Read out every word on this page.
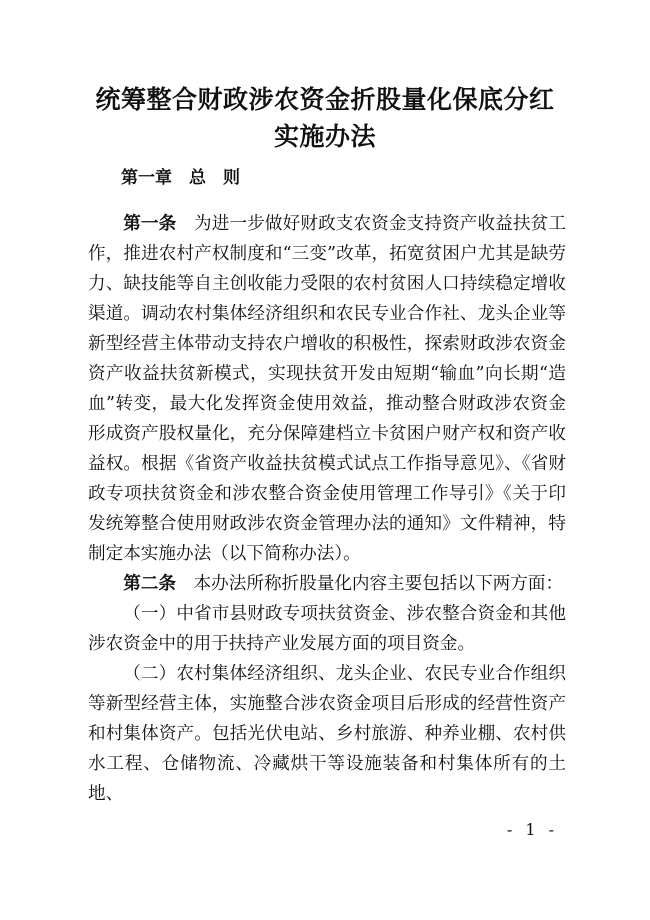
统筹整合财政涉农资金折股量化保底分红
实施办法
第一章　总　则

第一条　为进一步做好财政支农资金支持资产收益扶贫工作，推进农村产权制度和“三变”改革，拓宽贫困户尤其是缺劳力、缺技能等自主创收能力受限的农村贫困人口持续稳定增收渠道。调动农村集体经济组织和农民专业合作社、龙头企业等新型经营主体带动支持农户增收的积极性，探索财政涉农资金资产收益扶贫新模式，实现扶贫开发由短期“输血”向长期“造血”转变，最大化发挥资金使用效益，推动整合财政涉农资金形成资产股权量化，充分保障建档立卡贫困户财产权和资产收益权。根据《省资产收益扶贫模式试点工作指导意见》、《省财政专项扶贫资金和涉农整合资金使用管理工作导引》《关于印发统筹整合使用财政涉农资金管理办法的通知》文件精神，特制定本实施办法（以下简称办法）。

第二条　本办法所称折股量化内容主要包括以下两方面：

（一）中省市县财政专项扶贫资金、涉农整合资金和其他涉农资金中的用于扶持产业发展方面的项目资金。

（二）农村集体经济组织、龙头企业、农民专业合作组织等新型经营主体，实施整合涉农资金项目后形成的经营性资产和村集体资产。包括光伏电站、乡村旅游、种养业棚、农村供水工程、仓储物流、冷藏烘干等设施装备和村集体所有的土地、

- 1 -
